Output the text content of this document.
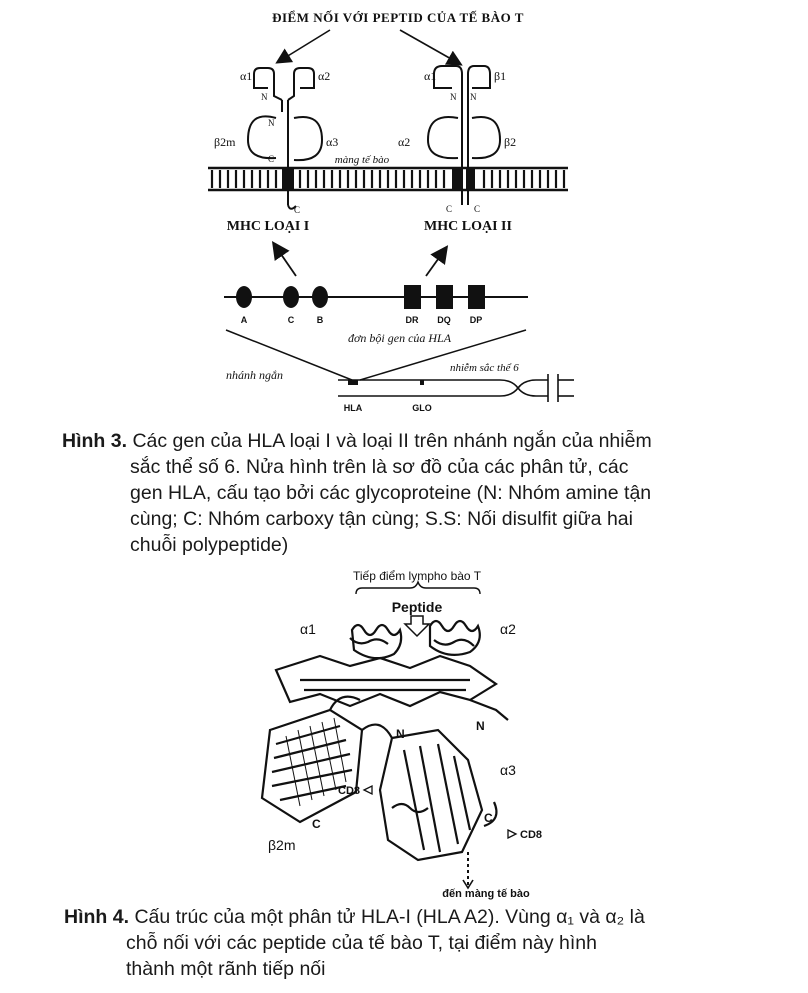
ĐIỂM NỐI VỚI PEPTID CỦA TẾ BÀO T
màng tế bào
α1	α2
β2m	α3
N
N
C
C
α1	β1
α2	β2
N N
C C
MHC LOẠI I	MHC LOẠI II
A	C	B	DR DQ DP
đơn bội gen của HLA
nhánh ngắn	nhiễm sắc thể 6
HLA	GLO
Hình 3. Các gen của HLA loại I và loại II trên nhánh ngắn của nhiễm
sắc thể số 6. Nửa hình trên là sơ đồ của các phân tử, các
gen HLA, cấu tạo bởi các glycoproteine (N: Nhóm amine tận
cùng; C: Nhóm carboxy tận cùng; S.S: Nối disulfit giữa hai
chuỗi polypeptide)
Tiếp điểm lympho bào T
Peptide
α1	α2
α3
β2m
N
N
C	C
CD8
CD8
đến màng tế bào
Hình 4. Cấu trúc của một phân tử HLA-I (HLA A2). Vùng α₁ và α₂ là
chỗ nối với các peptide của tế bào T, tại điểm này hình
thành một rãnh tiếp nối
